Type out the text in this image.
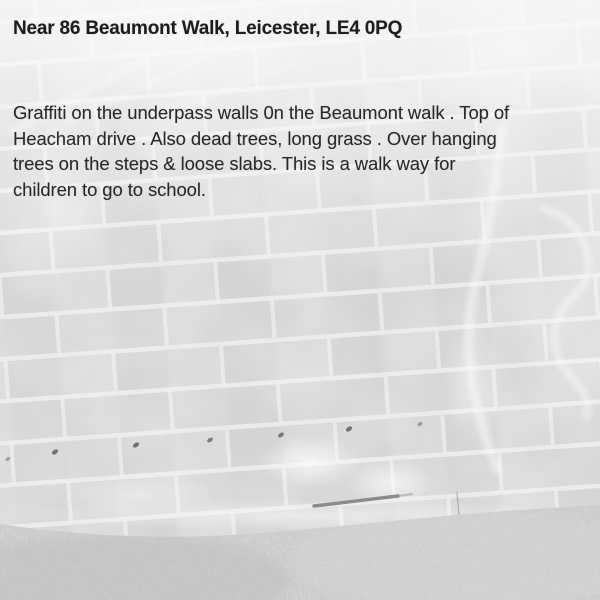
Near 86 Beaumont Walk, Leicester, LE4 0PQ
Graffiti on the underpass walls 0n the Beaumont walk . Top of
Heacham drive . Also dead trees, long grass . Over hanging
trees on the steps & loose slabs. This is a walk way for
children to go to school.
